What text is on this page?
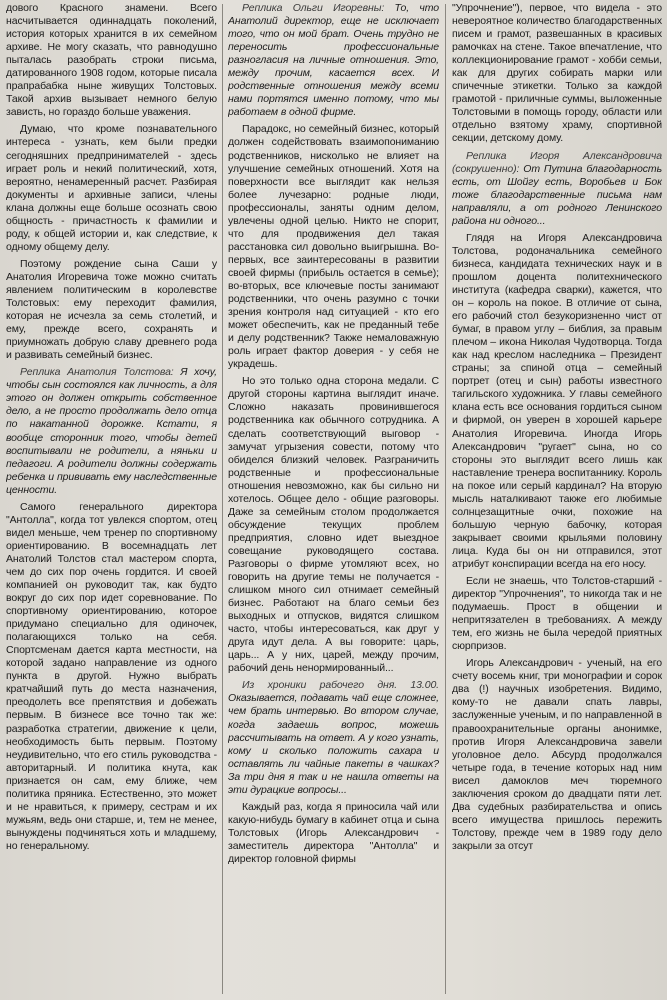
дового Красного знамени. Всего насчитывается одиннадцать поколений, история которых хранится в их семейном архиве. Не могу сказать, что равнодушно пыталась разобрать строки письма, датированного 1908 годом, которые писала прапрабабка ныне живущих Толстовых. Такой архив вызывает немного белую зависть, но гораздо больше уважения.

Думаю, что кроме познавательного интереса - узнать, кем были предки сегодняшних предпринимателей - здесь играет роль и некий политический, хотя, вероятно, ненамеренный расчет. Разбирая документы и архивные записи, члены клана должны еще больше осознать свою общность - причастность к фамилии и роду, к общей истории и, как следствие, к одному общему делу.

Поэтому рождение сына Саши у Анатолия Игоревича тоже можно считать явлением политическим в королевстве Толстовых: ему переходит фамилия, которая не исчезла за семь столетий, и ему, прежде всего, сохранять и приумножать добрую славу древнего рода и развивать семейный бизнес.

Реплика Анатолия Толстова: Я хочу, чтобы сын состоялся как личность, а для этого он должен открыть собственное дело, а не просто продолжать дело отца по накатанной дорожке. Кстати, я вообще сторонник того, чтобы детей воспитывали не родители, а няньки и педагоги. А родители должны содержать ребенка и прививать ему наследственные ценности.

Самого генерального директора "Антолла", когда тот увлекся спортом, отец видел меньше, чем тренер по спортивному ориентированию. В восемнадцать лет Анатолий Толстов стал мастером спорта, чем до сих пор очень гордится. И своей компанией он руководит так, как будто вокруг до сих пор идет соревнование. По спортивному ориентированию, которое придумано специально для одиночек, полагающихся только на себя. Спортсменам дается карта местности, на которой задано направление из одного пункта в другой. Нужно выбрать кратчайший путь до места назначения, преодолеть все препятствия и добежать первым. В бизнесе все точно так же: разработка стратегии, движение к цели, необходимость быть первым. Поэтому неудивительно, что его стиль руководства - авторитарный. И политика кнута, как признается он сам, ему ближе, чем политика пряника. Естественно, это может и не нравиться, к примеру, сестрам и их мужьям, ведь они старше, и, тем не менее, вынуждены подчиняться хоть и младшему, но генеральному.

Реплика Ольги Игоревны: То, что Анатолий директор, еще не исключает того, что он мой брат. Очень трудно не переносить профессиональные разногласия на личные отношения. Это, между прочим, касается всех. И родственные отношения между всеми нами портятся именно потому, что мы работаем в одной фирме.

Парадокс, но семейный бизнес, который должен содействовать взаимопониманию родственников, нисколько не влияет на улучшение семейных отношений. Хотя на поверхности все выглядит как нельзя более лучезарно: родные люди, профессионалы, заняты одним делом, увлечены одной целью. Никто не спорит, что для продвижения дел такая расстановка сил довольно выигрышна. Во-первых, все заинтересованы в развитии своей фирмы (прибыль остается в семье); во-вторых, все ключевые посты занимают родственники, что очень разумно с точки зрения контроля над ситуацией - кто его может обеспечить, как не преданный тебе и делу родственник? Также немаловажную роль играет фактор доверия - у себя не украдешь.

Но это только одна сторона медали. С другой стороны картина выглядит иначе. Сложно наказать провинившегося родственника как обычного сотрудника. А сделать соответствующий выговор - замучат угрызения совести, потому что обиделся близкий человек. Разграничить родственные и профессиональные отношения невозможно, как бы сильно ни хотелось. Общее дело - общие разговоры. Даже за семейным столом продолжается обсуждение текущих проблем предприятия, словно идет выездное совещание руководящего состава. Разговоры о фирме утомляют всех, но говорить на другие темы не получается - слишком много сил отнимает семейный бизнес. Работают на благо семьи без выходных и отпусков, видятся слишком часто, чтобы интересоваться, как друг у друга идут дела. А вы говорите: царь, царь... А у них, царей, между прочим, рабочий день ненормированный...

Из хроники рабочего дня. 13.00. Оказывается, подавать чай еще сложнее, чем брать интервью. Во втором случае, когда задаешь вопрос, можешь рассчитывать на ответ. А у кого узнать, кому и сколько положить сахара и оставлять ли чайные пакеты в чашках? За три дня я так и не нашла ответы на эти дурацкие вопросы...

Каждый раз, когда я приносила чай или какую-нибудь бумагу в кабинет отца и сына Толстовых (Игорь Александрович - заместитель директора "Антолла" и директор головной фирмы

"Упрочнение"), первое, что видела - это невероятное количество благодарственных писем и грамот, развешанных в красивых рамочках на стене. Такое впечатление, что коллекционирование грамот - хобби семьи, как для других собирать марки или спичечные этикетки. Только за каждой грамотой - приличные суммы, выложенные Толстовыми в помощь городу, области или отдельно взятому храму, спортивной секции, детскому дому.

Реплика Игоря Александровича (сокрушенно): От Путина благодарность есть, от Шойгу есть, Воробьев и Бок тоже благодарственные письма нам направляли, а от родного Ленинского района ни одного...

Глядя на Игоря Александровича Толстова, родоначальника семейного бизнеса, кандидата технических наук и в прошлом доцента политехнического института (кафедра сварки), кажется, что он – король на покое. В отличие от сына, его рабочий стол безукоризненно чист от бумаг, в правом углу – библия, за правым плечом – икона Николая Чудотворца. Тогда как над креслом наследника – Президент страны; за спиной отца – семейный портрет (отец и сын) работы известного тагильского художника. У главы семейного клана есть все основания гордиться сыном и фирмой, он уверен в хорошей карьере Анатолия Игоревича. Иногда Игорь Александрович "ругает" сына, но со стороны это выглядит всего лишь как наставление тренера воспитаннику. Король на покое или серый кардинал? На вторую мысль наталкивают также его любимые солнцезащитные очки, похожие на большую черную бабочку, которая закрывает своими крыльями половину лица. Куда бы он ни отправился, этот атрибут конспирации всегда на его носу.

Если не знаешь, что Толстов-старший - директор "Упрочнения", то никогда так и не подумаешь. Прост в общении и непритязателен в требованиях. А между тем, его жизнь не была чередой приятных сюрпризов.

Игорь Александрович - ученый, на его счету восемь книг, три монографии и сорок два (!) научных изобретения. Видимо, кому-то не давали спать лавры, заслуженные ученым, и по направленной в правоохранительные органы анонимке, против Игоря Александровича завели уголовное дело. Абсурд продолжался четыре года, в течение которых над ним висел дамоклов меч тюремного заключения сроком до двадцати пяти лет. Два судебных разбирательства и опись всего имущества пришлось пережить Толстову, прежде чем в 1989 году дело закрыли за отсут
